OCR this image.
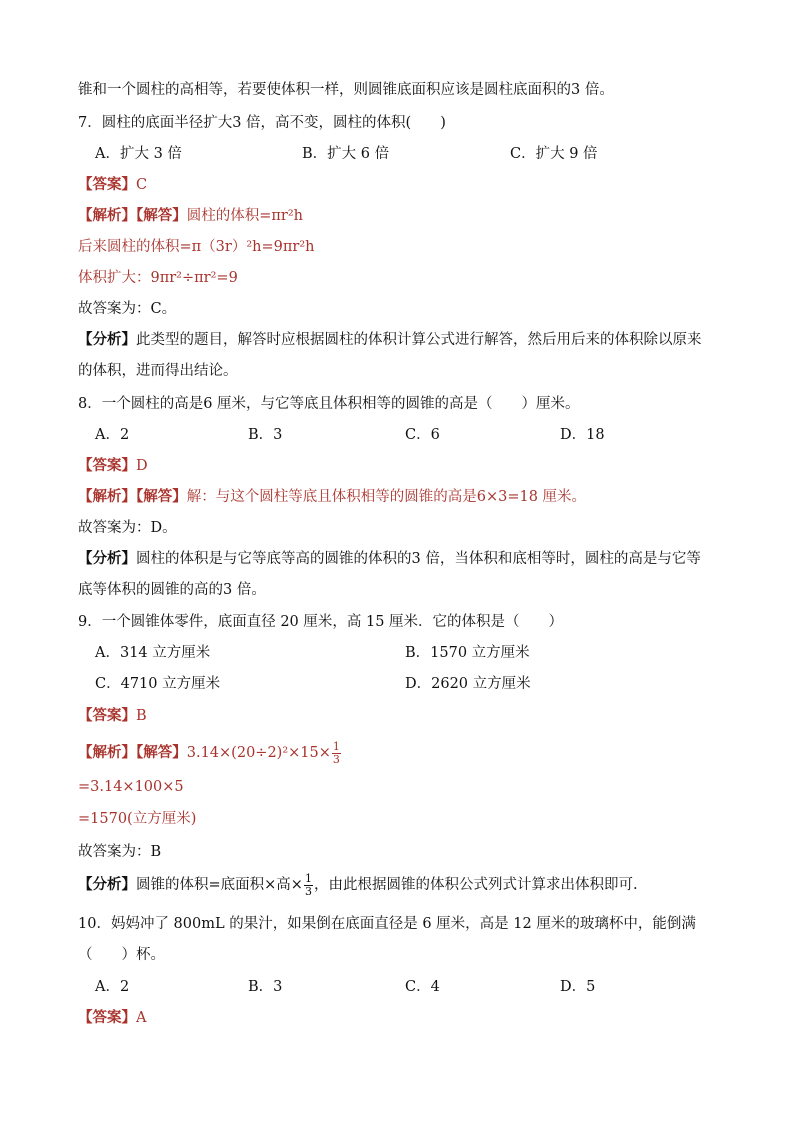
锥和一个圆柱的高相等，若要使体积一样，则圆锥底面积应该是圆柱底面积的3 倍。
7．圆柱的底面半径扩大3 倍，高不变，圆柱的体积(　　)
A．扩大 3 倍	B．扩大 6 倍	C．扩大 9 倍
【答案】C
【解析】【解答】圆柱的体积=πr²h
后来圆柱的体积=π（3r）²h=9πr²h
体积扩大：9πr²÷πr²=9
故答案为：C。
【分析】此类型的题目，解答时应根据圆柱的体积计算公式进行解答，然后用后来的体积除以原来
的体积，进而得出结论。
8．一个圆柱的高是6 厘米，与它等底且体积相等的圆锥的高是（　　）厘米。
A．2	B．3	C．6	D．18
【答案】D
【解析】【解答】解：与这个圆柱等底且体积相等的圆锥的高是6×3=18 厘米。
故答案为：D。
【分析】圆柱的体积是与它等底等高的圆锥的体积的3 倍，当体积和底相等时，圆柱的高是与它等
底等体积的圆锥的高的3 倍。
9．一个圆锥体零件，底面直径 20 厘米，高 15 厘米．它的体积是（　　）
A．314 立方厘米	B．1570 立方厘米
C．4710 立方厘米	D．2620 立方厘米
【答案】B
【解析】【解答】$3.14\times(20\div 2)^2\times 15\times \frac{1}{3}$
=3.14×100×5
=1570(立方厘米)
故答案为：B
【分析】圆锥的体积=底面积×高× $\frac{1}{3}$ ，由此根据圆锥的体积公式列式计算求出体积即可.
10．妈妈冲了 800mL 的果汁，如果倒在底面直径是 6 厘米，高是 12 厘米的玻璃杯中，能倒满
（　　）杯。
A．2	B．3	C．4	D．5
【答案】A
